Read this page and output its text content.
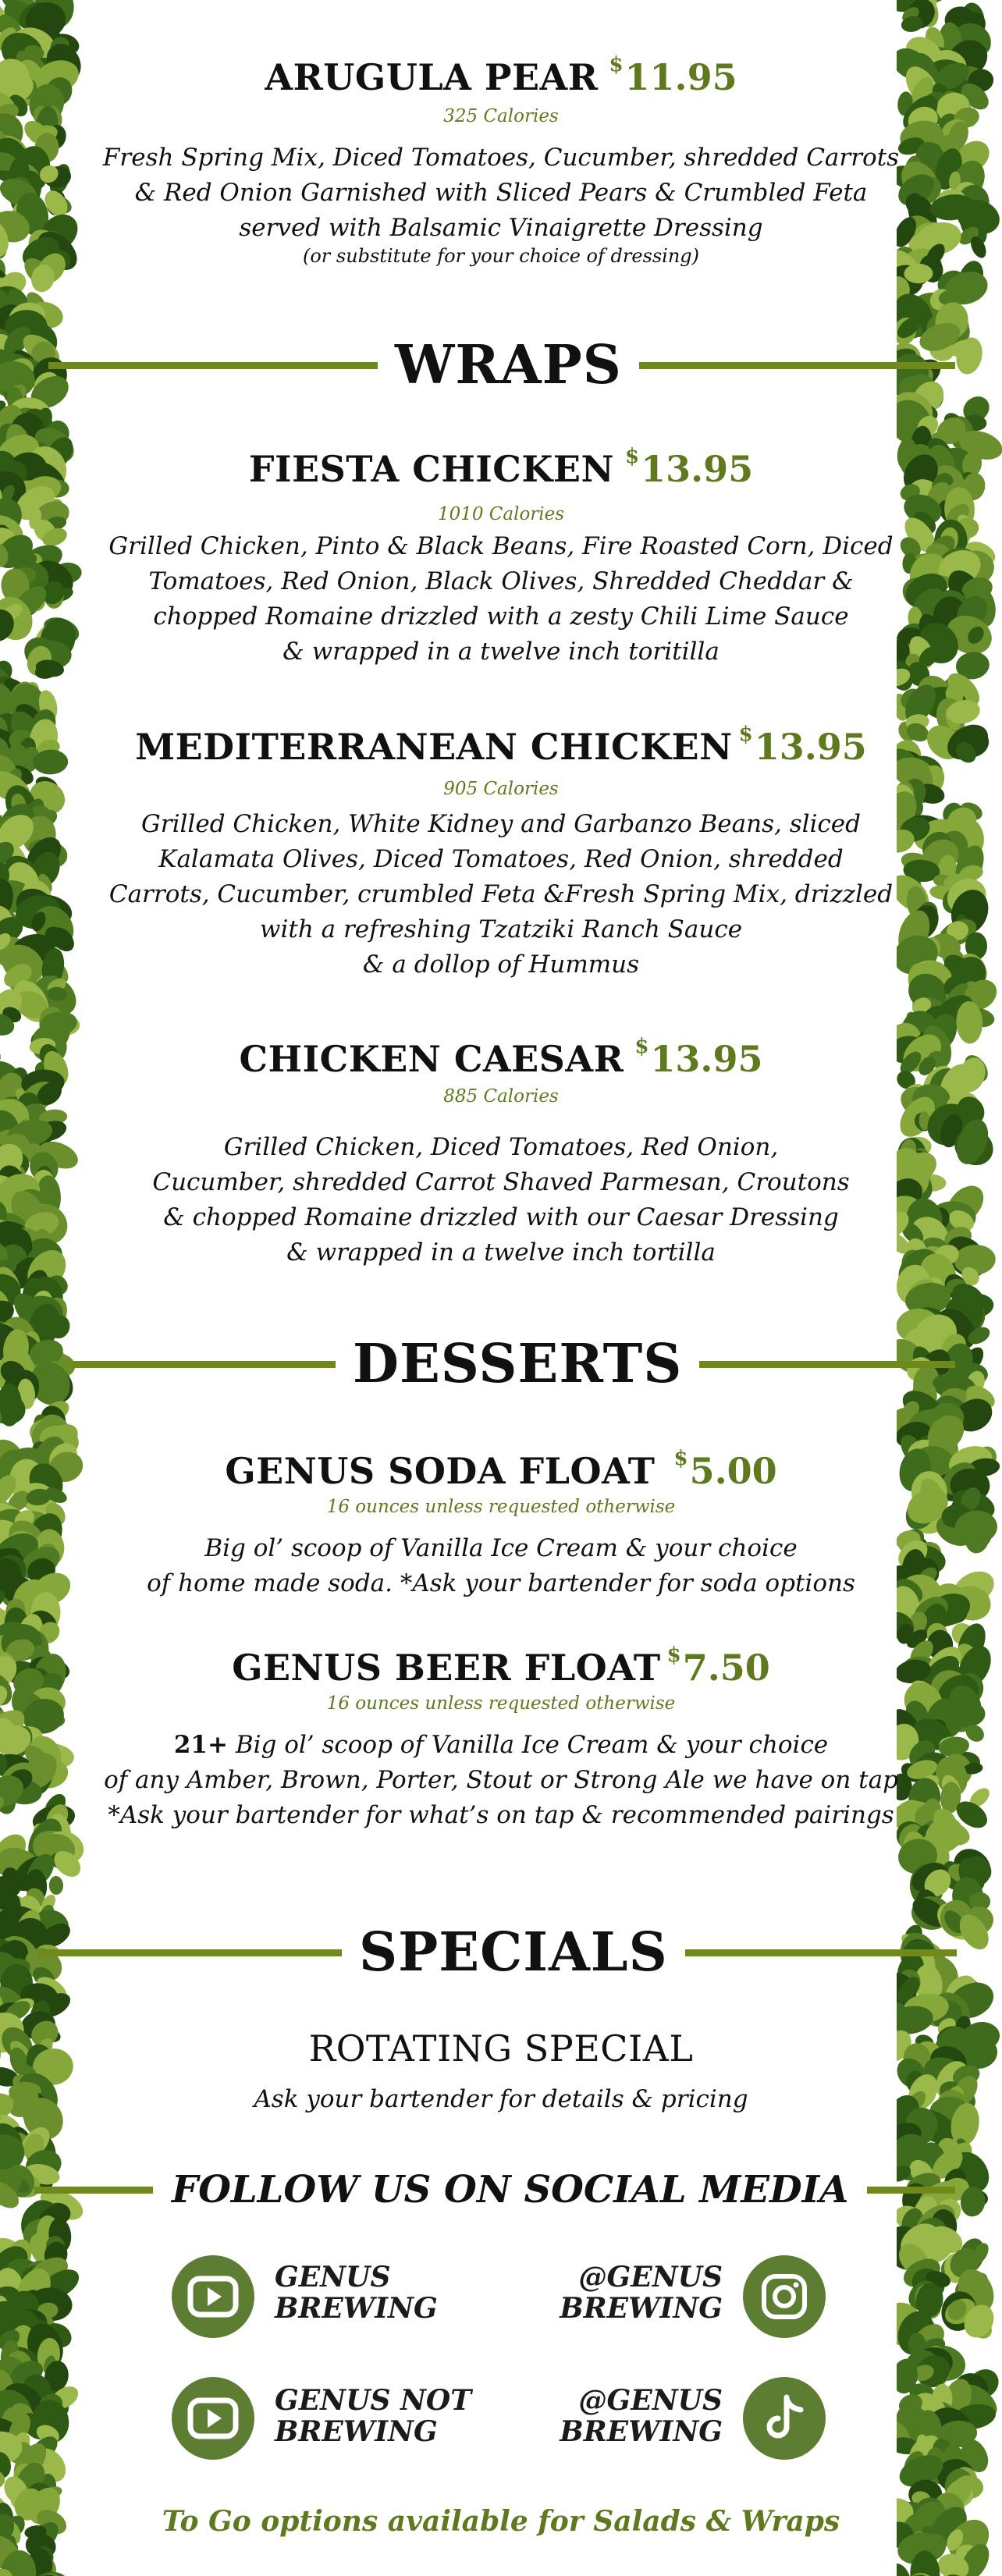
ARUGULA PEAR $11.95
325 Calories
Fresh Spring Mix, Diced Tomatoes, Cucumber, shredded Carrots
& Red Onion Garnished with Sliced Pears & Crumbled Feta
served with Balsamic Vinaigrette Dressing
(or substitute for your choice of dressing)
WRAPS
FIESTA CHICKEN $13.95
1010 Calories
Grilled Chicken, Pinto & Black Beans, Fire Roasted Corn, Diced
Tomatoes, Red Onion, Black Olives, Shredded Cheddar &
chopped Romaine drizzled with a zesty Chili Lime Sauce
& wrapped in a twelve inch toritilla
MEDITERRANEAN CHICKEN $13.95
905 Calories
Grilled Chicken, White Kidney and Garbanzo Beans, sliced
Kalamata Olives, Diced Tomatoes, Red Onion, shredded
Carrots, Cucumber, crumbled Feta &Fresh Spring Mix, drizzled
with a refreshing Tzatziki Ranch Sauce
& a dollop of Hummus
CHICKEN CAESAR $13.95
885 Calories
Grilled Chicken, Diced Tomatoes, Red Onion,
Cucumber, shredded Carrot Shaved Parmesan, Croutons
& chopped Romaine drizzled with our Caesar Dressing
& wrapped in a twelve inch tortilla
DESSERTS
GENUS SODA FLOAT $5.00
16 ounces unless requested otherwise
Big ol’ scoop of Vanilla Ice Cream & your choice
of home made soda. *Ask your bartender for soda options
GENUS BEER FLOAT $7.50
16 ounces unless requested otherwise
21+ Big ol’ scoop of Vanilla Ice Cream & your choice
of any Amber, Brown, Porter, Stout or Strong Ale we have on tap
*Ask your bartender for what’s on tap & recommended pairings
SPECIALS
ROTATING SPECIAL
Ask your bartender for details & pricing
FOLLOW US ON SOCIAL MEDIA
GENUS
BREWING
@GENUS
BREWING
GENUS NOT
BREWING
@GENUS
BREWING
To Go options available for Salads & Wraps
